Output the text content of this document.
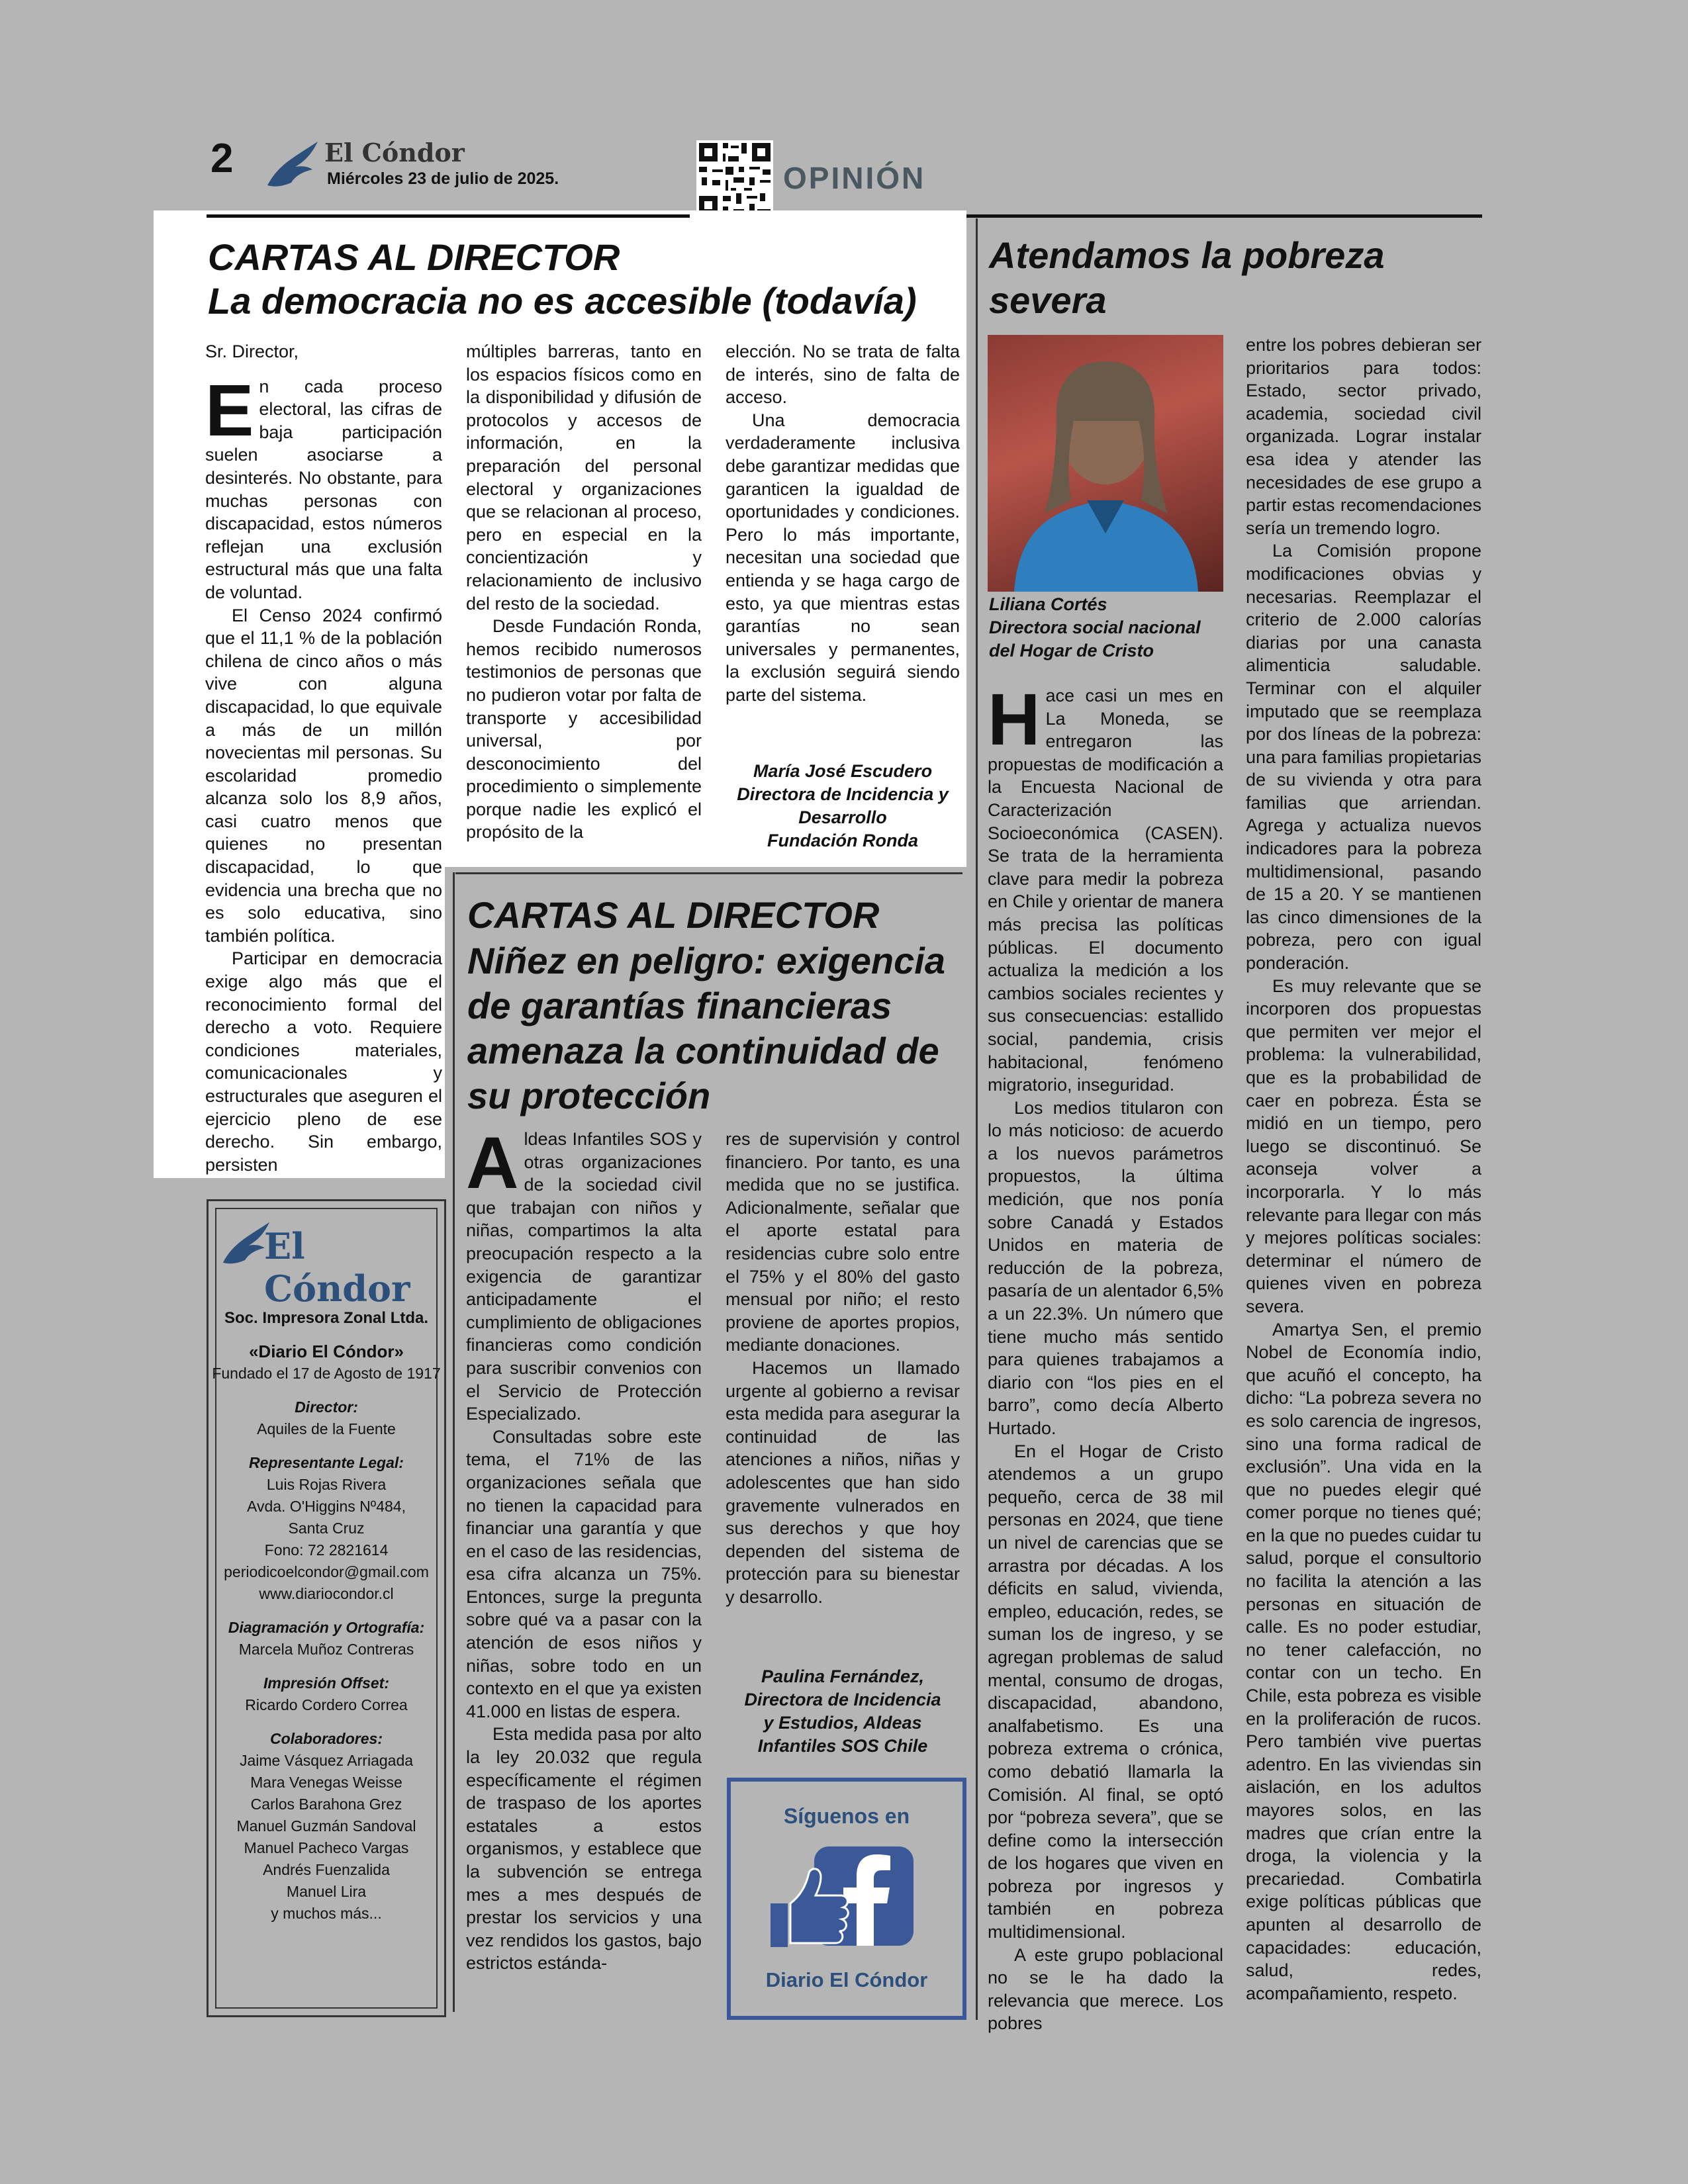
2	El Cóndor
Miércoles 23 de julio de 2025.	OPINIÓN
CARTAS AL DIRECTOR
La democracia no es accesible (todavía)

Sr. Director,

En cada proceso electoral, las cifras de baja participación suelen asociarse a desinterés. No obstante, para muchas personas con discapacidad, estos números reflejan una exclusión estructural más que una falta de voluntad.

El Censo 2024 confirmó que el 11,1 % de la población chilena de cinco años o más vive con alguna discapacidad, lo que equivale a más de un millón novecientas mil personas. Su escolaridad promedio alcanza solo los 8,9 años, casi cuatro menos que quienes no presentan discapacidad, lo que evidencia una brecha que no es solo educativa, sino también política.

Participar en democracia exige algo más que el reconocimiento formal del derecho a voto. Requiere condiciones materiales, comunicacionales y estructurales que aseguren el ejercicio pleno de ese derecho. Sin embargo, persisten

múltiples barreras, tanto en los espacios físicos como en la disponibilidad y difusión de protocolos y accesos de información, en la preparación del personal electoral y organizaciones que se relacionan al proceso, pero en especial en la concientización y relacionamiento de inclusivo del resto de la sociedad.

Desde Fundación Ronda, hemos recibido numerosos testimonios de personas que no pudieron votar por falta de transporte y accesibilidad universal, por desconocimiento del procedimiento o simplemente porque nadie les explicó el propósito de la

elección. No se trata de falta de interés, sino de falta de acceso.

Una democracia verdaderamente inclusiva debe garantizar medidas que garanticen la igualdad de oportunidades y condiciones. Pero lo más importante, necesitan una sociedad que entienda y se haga cargo de esto, ya que mientras estas garantías no sean universales y permanentes, la exclusión seguirá siendo parte del sistema.

María José Escudero
Directora de Incidencia y
Desarrollo
Fundación Ronda
CARTAS AL DIRECTOR
Niñez en peligro: exigencia de garantías financieras amenaza la continuidad de su protección

Aldeas Infantiles SOS y otras organizaciones de la sociedad civil que trabajan con niños y niñas, compartimos la alta preocupación respecto a la exigencia de garantizar anticipadamente el cumplimiento de obligaciones financieras como condición para suscribir convenios con el Servicio de Protección Especializado.

Consultadas sobre este tema, el 71% de las organizaciones señala que no tienen la capacidad para financiar una garantía y que en el caso de las residencias, esa cifra alcanza un 75%. Entonces, surge la pregunta sobre qué va a pasar con la atención de esos niños y niñas, sobre todo en un contexto en el que ya existen 41.000 en listas de espera.

Esta medida pasa por alto la ley 20.032 que regula específicamente el régimen de traspaso de los aportes estatales a estos organismos, y establece que la subvención se entrega mes a mes después de prestar los servicios y una vez rendidos los gastos, bajo estrictos estánda-

res de supervisión y control financiero. Por tanto, es una medida que no se justifica. Adicionalmente, señalar que el aporte estatal para residencias cubre solo entre el 75% y el 80% del gasto mensual por niño; el resto proviene de aportes propios, mediante donaciones.

Hacemos un llamado urgente al gobierno a revisar esta medida para asegurar la continuidad de las atenciones a niños, niñas y adolescentes que han sido gravemente vulnerados en sus derechos y que hoy dependen del sistema de protección para su bienestar y desarrollo.

Paulina Fernández,
Directora de Incidencia
y Estudios, Aldeas
Infantiles SOS Chile
Síguenos en
Diario El Cóndor
El Cóndor
Soc. Impresora Zonal Ltda.
«Diario El Cóndor»
Fundado el 17 de Agosto de 1917
Director:
Aquiles de la Fuente
Representante Legal:
Luis Rojas Rivera
Avda. O'Higgins Nº484,
Santa Cruz
Fono: 72 2821614
periodicoelcondor@gmail.com
www.diariocondor.cl
Diagramación y Ortografía:
Marcela Muñoz Contreras
Impresión Offset:
Ricardo Cordero Correa
Colaboradores:
Jaime Vásquez Arriagada
Mara Venegas Weisse
Carlos Barahona Grez
Manuel Guzmán Sandoval
Manuel Pacheco Vargas
Andrés Fuenzalida
Manuel Lira
y muchos más...
Atendamos la pobreza severa
Liliana Cortés
Directora social nacional
del Hogar de Cristo

Hace casi un mes en La Moneda, se entregaron las propuestas de modificación a la Encuesta Nacional de Caracterización Socioeconómica (CASEN). Se trata de la herramienta clave para medir la pobreza en Chile y orientar de manera más precisa las políticas públicas. El documento actualiza la medición a los cambios sociales recientes y sus consecuencias: estallido social, pandemia, crisis habitacional, fenómeno migratorio, inseguridad.

Los medios titularon con lo más noticioso: de acuerdo a los nuevos parámetros propuestos, la última medición, que nos ponía sobre Canadá y Estados Unidos en materia de reducción de la pobreza, pasaría de un alentador 6,5% a un 22.3%. Un número que tiene mucho más sentido para quienes trabajamos a diario con “los pies en el barro”, como decía Alberto Hurtado.

En el Hogar de Cristo atendemos a un grupo pequeño, cerca de 38 mil personas en 2024, que tiene un nivel de carencias que se arrastra por décadas. A los déficits en salud, vivienda, empleo, educación, redes, se suman los de ingreso, y se agregan problemas de salud mental, consumo de drogas, discapacidad, abandono, analfabetismo. Es una pobreza extrema o crónica, como debatió llamarla la Comisión. Al final, se optó por “pobreza severa”, que se define como la intersección de los hogares que viven en pobreza por ingresos y también en pobreza multidimensional.

A este grupo poblacional no se le ha dado la relevancia que merece. Los pobres

entre los pobres debieran ser prioritarios para todos: Estado, sector privado, academia, sociedad civil organizada. Lograr instalar esa idea y atender las necesidades de ese grupo a partir estas recomendaciones sería un tremendo logro.

La Comisión propone modificaciones obvias y necesarias. Reemplazar el criterio de 2.000 calorías diarias por una canasta alimenticia saludable. Terminar con el alquiler imputado que se reemplaza por dos líneas de la pobreza: una para familias propietarias de su vivienda y otra para familias que arriendan. Agrega y actualiza nuevos indicadores para la pobreza multidimensional, pasando de 15 a 20. Y se mantienen las cinco dimensiones de la pobreza, pero con igual ponderación.

Es muy relevante que se incorporen dos propuestas que permiten ver mejor el problema: la vulnerabilidad, que es la probabilidad de caer en pobreza. Ésta se midió en un tiempo, pero luego se discontinuó. Se aconseja volver a incorporarla. Y lo más relevante para llegar con más y mejores políticas sociales: determinar el número de quienes viven en pobreza severa.

Amartya Sen, el premio Nobel de Economía indio, que acuñó el concepto, ha dicho: “La pobreza severa no es solo carencia de ingresos, sino una forma radical de exclusión”. Una vida en la que no puedes elegir qué comer porque no tienes qué; en la que no puedes cuidar tu salud, porque el consultorio no facilita la atención a las personas en situación de calle. Es no poder estudiar, no tener calefacción, no contar con un techo. En Chile, esta pobreza es visible en la proliferación de rucos. Pero también vive puertas adentro. En las viviendas sin aislación, en los adultos mayores solos, en las madres que crían entre la droga, la violencia y la precariedad. Combatirla exige políticas públicas que apunten al desarrollo de capacidades: educación, salud, redes, acompañamiento, respeto.
